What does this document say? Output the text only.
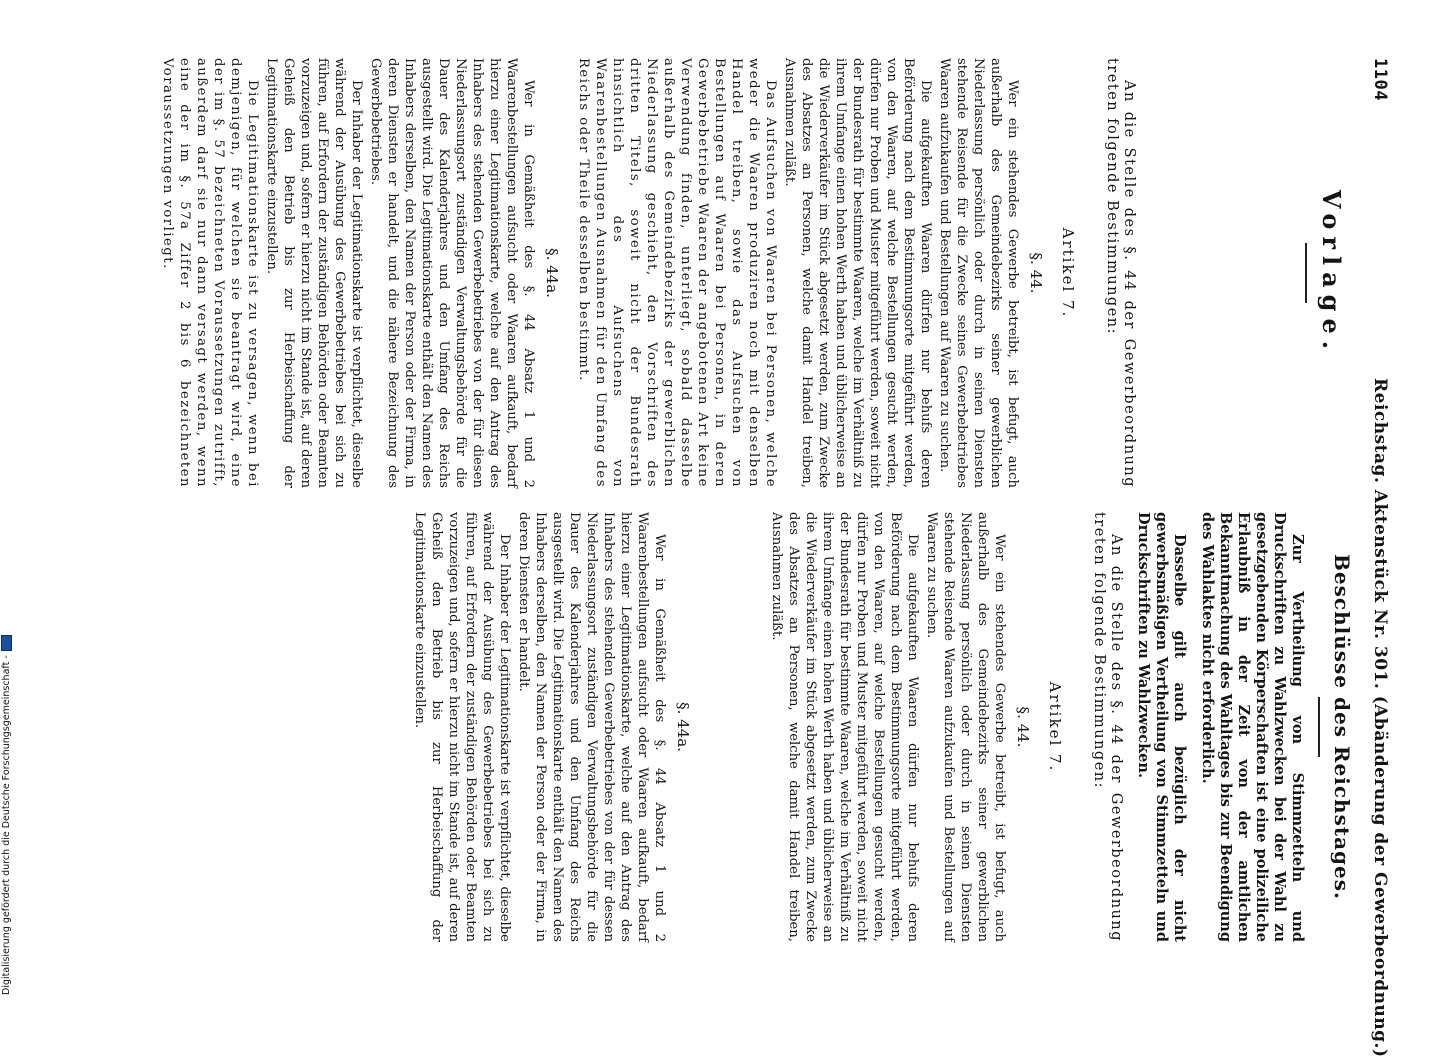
1104
Reichstag. Aktenstück Nr. 301. (Abänderung der Gewerbeordnung.)
Vorlage.

An die Stelle des §. 44 der Gewerbeordnung treten folgende Bestimmungen:

Artikel 7.
§. 44.

Wer ein stehendes Gewerbe betreibt, ist befugt, auch außerhalb des Gemeindebezirks seiner gewerblichen Niederlassung persönlich oder durch in seinen Diensten stehende Reisende für die Zwecke seines Gewerbebetriebes Waaren aufzukaufen und Bestellungen auf Waaren zu suchen.

Die aufgekauften Waaren dürfen nur behufs deren Beförderung nach dem Bestimmungsorte mitgeführt werden, von den Waaren, auf welche Bestellungen gesucht werden, dürfen nur Proben und Muster mitgeführt werden, soweit nicht der Bundesrath für bestimmte Waaren, welche im Verhältniß zu ihrem Umfange einen hohen Werth haben und üblicherweise an die Wiederverkäufer im Stück abgesetzt werden, zum Zwecke des Absatzes an Personen, welche damit Handel treiben, Ausnahmen zuläßt.

Das Aufsuchen von Waaren bei Personen, welche weder die Waaren produziren noch mit denselben Handel treiben, sowie das Aufsuchen von Bestellungen auf Waaren bei Personen, in deren Gewerbebetriebe Waaren der angebotenen Art keine Verwendung finden, unterliegt, sobald dasselbe außerhalb des Gemeindebezirks der gewerblichen Niederlassung geschieht, den Vorschriften des dritten Titels, soweit nicht der Bundesrath hinsichtlich des Aufsuchens von Waarenbestellungen Ausnahmen für den Umfang des Reichs oder Theile desselben bestimmt.

§. 44a.

Wer in Gemäßheit des §. 44 Absatz 1 und 2 Waarenbestellungen aufsucht oder Waaren aufkauft, bedarf hierzu einer Legitimationskarte, welche auf den Antrag des Inhabers des stehenden Gewerbebetriebes von der für diesen Niederlassungsort zuständigen Verwaltungsbehörde für die Dauer des Kalenderjahres und den Umfang des Reichs ausgestellt wird. Die Legitimationskarte enthält den Namen des Inhabers derselben, den Namen der Person oder der Firma, in deren Diensten er handelt, und die nähere Bezeichnung des Gewerbebetriebes.

Der Inhaber der Legitimationskarte ist verpflichtet, dieselbe während der Ausübung des Gewerbebetriebes bei sich zu führen, auf Erfordern der zuständigen Behörden oder Beamten vorzuzeigen und, sofern er hierzu nicht im Stande ist, auf deren Geheiß den Betrieb bis zur Herbeischaffung der Legitimationskarte einzustellen.

Die Legitimationskarte ist zu versagen, wenn bei demjenigen, für welchen sie beantragt wird, eine der im §. 57 bezeichneten Voraussetzungen zutrifft, außerdem darf sie nur dann versagt werden, wenn eine der im §. 57a Ziffer 2 bis 6 bezeichneten Voraussetzungen vorliegt.

Beschlüsse des Reichstages.

Zur Vertheilung von Stimmzetteln und Druckschriften zu Wahlzwecken bei der Wahl zu gesetzgebenden Körperschaften ist eine polizeiliche Erlaubniß in der Zeit von der amtlichen Bekanntmachung des Wahltages bis zur Beendigung des Wahlaktes nicht erforderlich.

Dasselbe gilt auch bezüglich der nicht gewerbsmäßigen Vertheilung von Stimmzetteln und Druckschriften zu Wahlzwecken.

An die Stelle des §. 44 der Gewerbeordnung treten folgende Bestimmungen:

Artikel 7.
§. 44.

Wer ein stehendes Gewerbe betreibt, ist befugt, auch außerhalb des Gemeindebezirks seiner gewerblichen Niederlassung persönlich oder durch in seinen Diensten stehende Reisende Waaren aufzukaufen und Bestellungen auf Waaren zu suchen.

Die aufgekauften Waaren dürfen nur behufs deren Beförderung nach dem Bestimmungsorte mitgeführt werden, von den Waaren, auf welche Bestellungen gesucht werden, dürfen nur Proben und Muster mitgeführt werden, soweit nicht der Bundesrath für bestimmte Waaren, welche im Verhältniß zu ihrem Umfange einen hohen Werth haben und üblicherweise an die Wiederverkäufer im Stück abgesetzt werden, zum Zwecke des Absatzes an Personen, welche damit Handel treiben, Ausnahmen zuläßt.

§. 44a.

Wer in Gemäßheit des §. 44 Absatz 1 und 2 Waarenbestellungen aufsucht oder Waaren aufkauft, bedarf hierzu einer Legitimationskarte, welche auf den Antrag des Inhabers des stehenden Gewerbebetriebes von der für dessen Niederlassungsort zuständigen Verwaltungsbehörde für die Dauer des Kalenderjahres und den Umfang des Reichs ausgestellt wird. Die Legitimationskarte enthält den Namen des Inhabers derselben, den Namen der Person oder der Firma, in deren Diensten er handelt.

Der Inhaber der Legitimationskarte ist verpflichtet, dieselbe während der Ausübung des Gewerbebetriebes bei sich zu führen, auf Erfordern der zuständigen Behörden oder Beamten vorzuzeigen und, sofern er hierzu nicht im Stande ist, auf deren Geheiß den Betrieb bis zur Herbeischaffung der Legitimationskarte einzustellen.

Digitalisierung gefördert durch die Deutsche Forschungsgemeinschaft -
